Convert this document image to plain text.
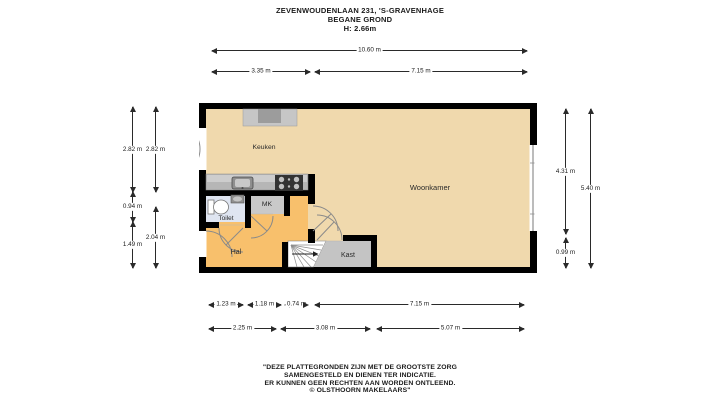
ZEVENWOUDENLAAN 231, 'S-GRAVENHAGE
BEGANE GROND
H: 2.66m
10.60 m
3.35 m	7.15 m
2.82 m
0.94 m
1.49 m
2.82 m
2.04 m
4.31 m
0.99 m
5.40 m
1.23 m	1.18 m	0.74 m	7.15 m
2.25 m	3.08 m	5.07 m
Keuken
Woonkamer
Toilet
MK
Hal	Kast
"DEZE PLATTEGRONDEN ZIJN MET DE GROOTSTE ZORG
SAMENGESTELD EN DIENEN TER INDICATIE.
ER KUNNEN GEEN RECHTEN AAN WORDEN ONTLEEND.
© OLSTHOORN MAKELAARS"
